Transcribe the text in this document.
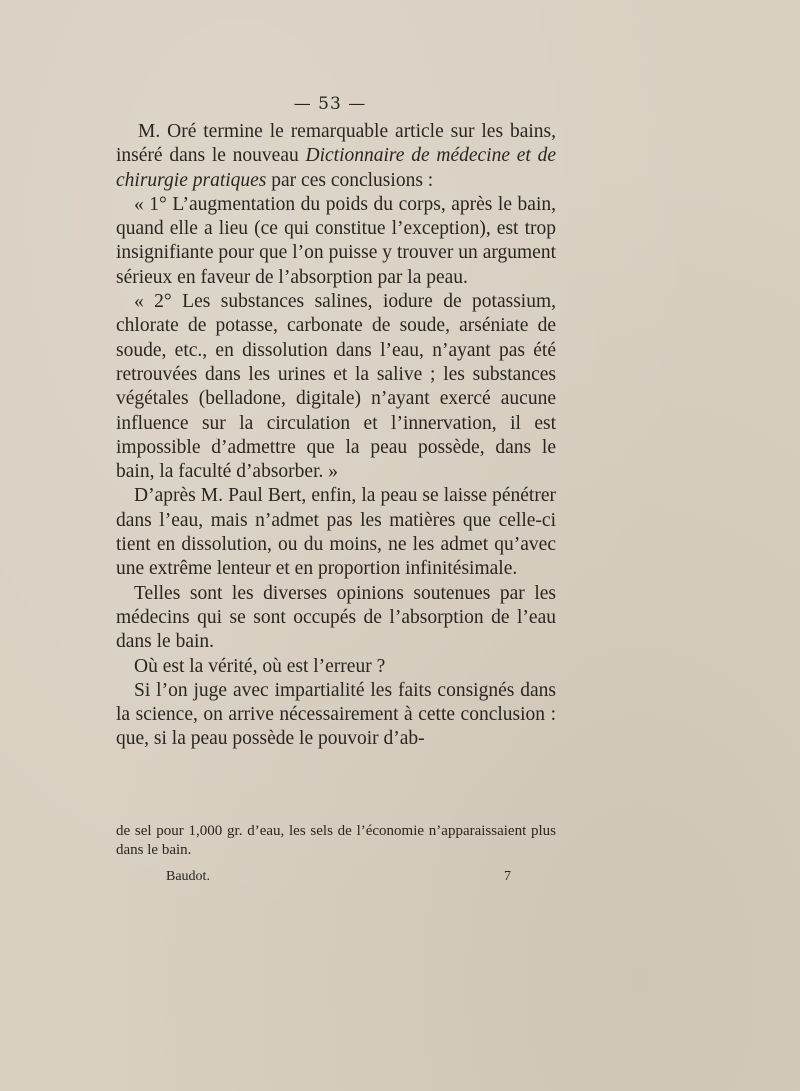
— 53 —

M. Oré termine le remarquable article sur les bains, inséré dans le nouveau Dictionnaire de médecine et de chirurgie pratiques par ces conclusions :

« 1° L’augmentation du poids du corps, après le bain, quand elle a lieu (ce qui constitue l’exception), est trop insignifiante pour que l’on puisse y trouver un argument sérieux en faveur de l’absorption par la peau.

« 2° Les substances salines, iodure de potassium, chlorate de potasse, carbonate de soude, arséniate de soude, etc., en dissolution dans l’eau, n’ayant pas été retrouvées dans les urines et la salive ; les substances végétales (belladone, digitale) n’ayant exercé aucune influence sur la circulation et l’innervation, il est impossible d’admettre que la peau possède, dans le bain, la faculté d’absorber. »

D’après M. Paul Bert, enfin, la peau se laisse pénétrer dans l’eau, mais n’admet pas les matières que celle-ci tient en dissolution, ou du moins, ne les admet qu’avec une extrême lenteur et en proportion infinitésimale.

Telles sont les diverses opinions soutenues par les médecins qui se sont occupés de l’absorption de l’eau dans le bain.

Où est la vérité, où est l’erreur ?

Si l’on juge avec impartialité les faits consignés dans la science, on arrive nécessairement à cette conclusion : que, si la peau possède le pouvoir d’ab-

de sel pour 1,000 gr. d’eau, les sels de l’économie n’apparaissaient plus dans le bain.
Baudot.	7
